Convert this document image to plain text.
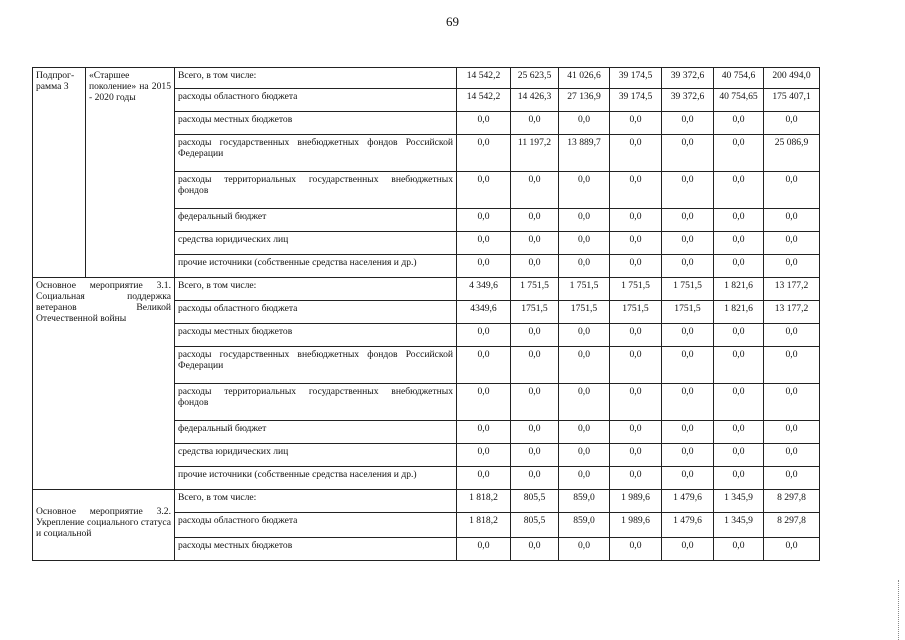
69
Подпрог-рамма 3	«Старшее поколение» на 2015 - 2020 годы	Всего, в том числе:	14 542,2	25 623,5	41 026,6	39 174,5	39 372,6	40 754,6	200 494,0
		расходы областного бюджета	14 542,2	14 426,3	27 136,9	39 174,5	39 372,6	40 754,65	175 407,1
		расходы местных бюджетов	0,0	0,0	0,0	0,0	0,0	0,0	0,0
		расходы государственных внебюджетных фондов Российской Федерации	0,0	11 197,2	13 889,7	0,0	0,0	0,0	25 086,9
		расходы территориальных государственных внебюджетных фондов	0,0	0,0	0,0	0,0	0,0	0,0	0,0
		федеральный бюджет	0,0	0,0	0,0	0,0	0,0	0,0	0,0
		средства юридических лиц	0,0	0,0	0,0	0,0	0,0	0,0	0,0
		прочие источники (собственные средства населения и др.)	0,0	0,0	0,0	0,0	0,0	0,0	0,0
Основное мероприятие 3.1. Социальная поддержка ветеранов Великой Отечественной войны		Всего, в том числе:	4 349,6	1 751,5	1 751,5	1 751,5	1 751,5	1 821,6	13 177,2
		расходы областного бюджета	4349,6	1751,5	1751,5	1751,5	1751,5	1 821,6	13 177,2
		расходы местных бюджетов	0,0	0,0	0,0	0,0	0,0	0,0	0,0
		расходы государственных внебюджетных фондов Российской Федерации	0,0	0,0	0,0	0,0	0,0	0,0	0,0
		расходы территориальных государственных внебюджетных фондов	0,0	0,0	0,0	0,0	0,0	0,0	0,0
		федеральный бюджет	0,0	0,0	0,0	0,0	0,0	0,0	0,0
		средства юридических лиц	0,0	0,0	0,0	0,0	0,0	0,0	0,0
		прочие источники (собственные средства населения и др.)	0,0	0,0	0,0	0,0	0,0	0,0	0,0

Основное мероприятие 3.2. Укрепление социального статуса и социальной		Всего, в том числе:	1 818,2	805,5	859,0	1 989,6	1 479,6	1 345,9	8 297,8
		расходы областного бюджета	1 818,2	805,5	859,0	1 989,6	1 479,6	1 345,9	8 297,8
		расходы местных бюджетов	0,0	0,0	0,0	0,0	0,0	0,0	0,0
